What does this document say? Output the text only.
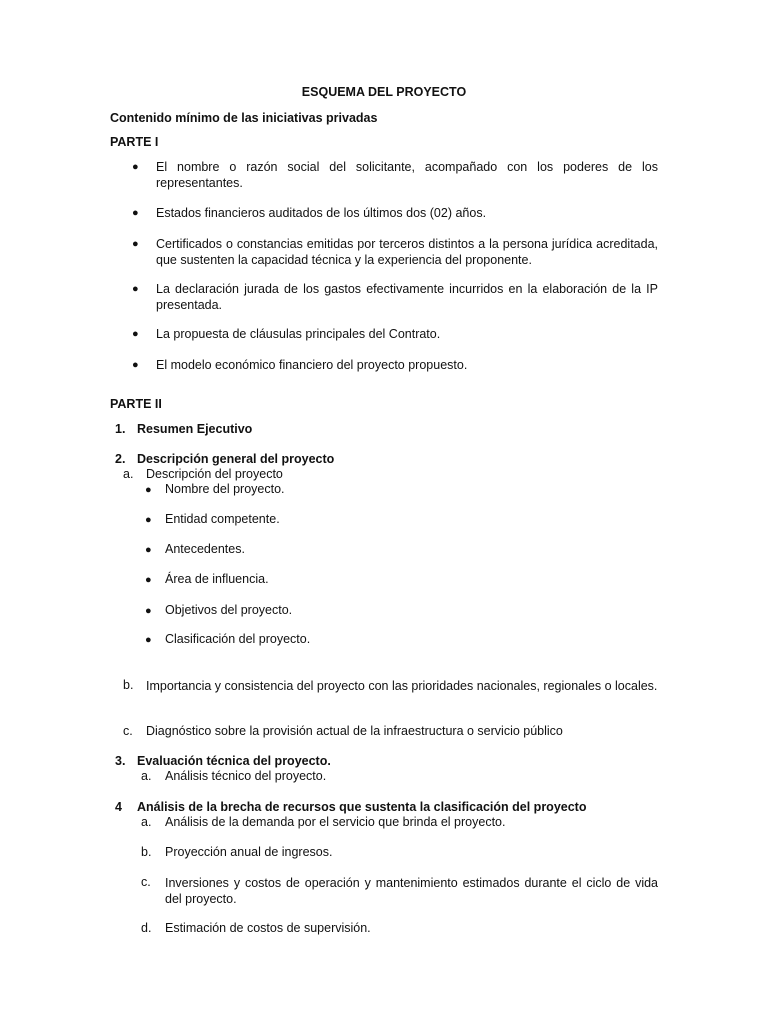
ESQUEMA DEL PROYECTO
Contenido mínimo de las iniciativas privadas
PARTE I
● El nombre o razón social del solicitante, acompañado con los poderes de los representantes.
● Estados financieros auditados de los últimos dos (02) años.
● Certificados o constancias emitidas por terceros distintos a la persona jurídica acreditada, que sustenten la capacidad técnica y la experiencia del proponente.
● La declaración jurada de los gastos efectivamente incurridos en la elaboración de la IP presentada.
● La propuesta de cláusulas principales del Contrato.
● El modelo económico financiero del proyecto propuesto.
PARTE II
1. Resumen Ejecutivo
2. Descripción general del proyecto
a. Descripción del proyecto
● Nombre del proyecto.
● Entidad competente.
● Antecedentes.
● Área de influencia.
● Objetivos del proyecto.
● Clasificación del proyecto.
b. Importancia y consistencia del proyecto con las prioridades nacionales, regionales o locales.
c. Diagnóstico sobre la provisión actual de la infraestructura o servicio público
3. Evaluación técnica del proyecto.
a. Análisis técnico del proyecto.
4 Análisis de la brecha de recursos que sustenta la clasificación del proyecto
a. Análisis de la demanda por el servicio que brinda el proyecto.
b. Proyección anual de ingresos.
c. Inversiones y costos de operación y mantenimiento estimados durante el ciclo de vida del proyecto.
d. Estimación de costos de supervisión.
